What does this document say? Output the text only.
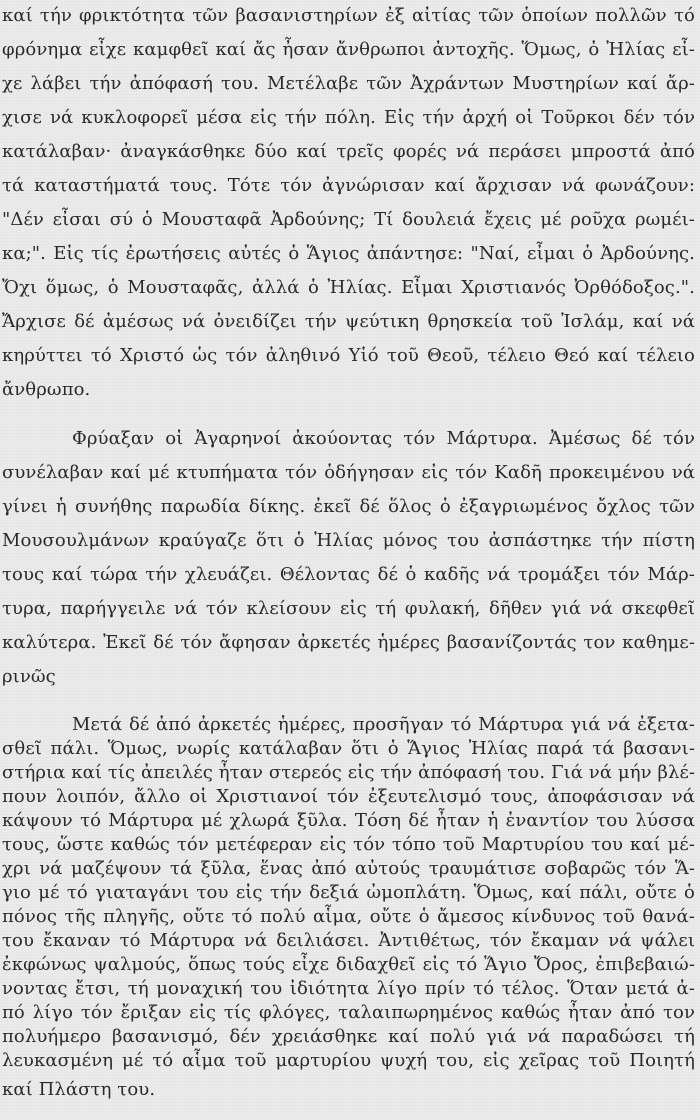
καί τήν φρικτότητα τῶν βασανιστηρίων ἐξ αἰτίας τῶν ὁποίων πολλῶν τό
φρόνημα εἶχε καμφθεῖ καί ἄς ἦσαν ἄνθρωποι ἀντοχῆς. Ὅμως, ὁ Ἠλίας εἶ-
χε λάβει τήν ἀπόφασή του. Μετέλαβε τῶν Ἀχράντων Μυστηρίων καί ἄρ-
χισε νά κυκλοφορεῖ μέσα εἰς τήν πόλη. Εἰς τήν ἀρχή οἱ Τοῦρκοι δέν τόν
κατάλαβαν· ἀναγκάσθηκε δύο καί τρεῖς φορές νά περάσει μπροστά ἀπό
τά καταστήματά τους. Τότε τόν ἀγνώρισαν καί ἄρχισαν νά φωνάζουν:
"Δέν εἶσαι σύ ὁ Μουσταφᾶ Ἀρδούνης; Τί δουλειά ἔχεις μέ ροῦχα ρωμέι-
κα;". Εἰς τίς ἐρωτήσεις αὐτές ὁ Ἅγιος ἀπάντησε: "Ναί, εἶμαι ὁ Ἀρδούνης.
Ὄχι ὅμως, ὁ Μουσταφᾶς, ἀλλά ὁ Ἠλίας. Εἶμαι Χριστιανός Ὀρθόδοξος.".
Ἄρχισε δέ ἀμέσως νά ὀνειδίζει τήν ψεύτικη θρησκεία τοῦ Ἰσλάμ, καί νά
κηρύττει τό Χριστό ὡς τόν ἀληθινό Υἱό τοῦ Θεοῦ, τέλειο Θεό καί τέλειο
ἄνθρωπο.
Φρύαξαν οἱ Ἀγαρηνοί ἀκούοντας τόν Μάρτυρα. Ἀμέσως δέ τόν
συνέλαβαν καί μέ κτυπήματα τόν ὁδήγησαν εἰς τόν Καδῆ προκειμένου νά
γίνει ἡ συνήθης παρωδία δίκης. ἐκεῖ δέ ὅλος ὁ ἐξαγριωμένος ὄχλος τῶν
Μουσουλμάνων κραύγαζε ὅτι ὁ Ἠλίας μόνος του ἀσπάστηκε τήν πίστη
τους καί τώρα τήν χλευάζει. Θέλοντας δέ ὁ καδῆς νά τρομάξει τόν Μάρ-
τυρα, παρήγγειλε νά τόν κλείσουν εἰς τή φυλακή, δῆθεν γιά νά σκεφθεῖ
καλύτερα. Ἐκεῖ δέ τόν ἄφησαν ἀρκετές ἡμέρες βασανίζοντάς τον καθημε-
ρινῶς
Μετά δέ ἀπό ἀρκετές ἡμέρες, προσῆγαν τό Μάρτυρα γιά νά ἐξετα-
σθεῖ πάλι. Ὅμως, νωρίς κατάλαβαν ὅτι ὁ Ἅγιος Ἠλίας παρά τά βασανι-
στήρια καί τίς ἀπειλές ἦταν στερεός εἰς τήν ἀπόφασή του. Γιά νά μήν βλέ-
πουν λοιπόν, ἄλλο οἱ Χριστιανοί τόν ἐξευτελισμό τους, ἀποφάσισαν νά
κάψουν τό Μάρτυρα μέ χλωρά ξῦλα. Τόση δέ ἦταν ἡ ἐναντίον του λύσσα
τους, ὥστε καθώς τόν μετέφεραν εἰς τόν τόπο τοῦ Μαρτυρίου του καί μέ-
χρι νά μαζέψουν τά ξῦλα, ἕνας ἀπό αὐτούς τραυμάτισε σοβαρῶς τόν Ἅ-
γιο μέ τό γιαταγάνι του εἰς τήν δεξιά ὠμοπλάτη. Ὅμως, καί πάλι, οὔτε ὁ
πόνος τῆς πληγῆς, οὔτε τό πολύ αἷμα, οὔτε ὁ ἄμεσος κίνδυνος τοῦ θανά-
του ἔκαναν τό Μάρτυρα νά δειλιάσει. Ἀντιθέτως, τόν ἔκαμαν νά ψάλει
ἐκφώνως ψαλμούς, ὅπως τούς εἶχε διδαχθεῖ εἰς τό Ἅγιο Ὄρος, ἐπιβεβαιώ-
νοντας ἔτσι, τή μοναχική του ἰδιότητα λίγο πρίν τό τέλος. Ὅταν μετά ἀ-
πό λίγο τόν ἔριξαν εἰς τίς φλόγες, ταλαιπωρημένος καθώς ἦταν ἀπό τον
πολυήμερο βασανισμό, δέν χρειάσθηκε καί πολύ γιά νά παραδώσει τή
λευκασμένη μέ τό αἷμα τοῦ μαρτυρίου ψυχή του, εἰς χεῖρας τοῦ Ποιητή
καί Πλάστη του.
